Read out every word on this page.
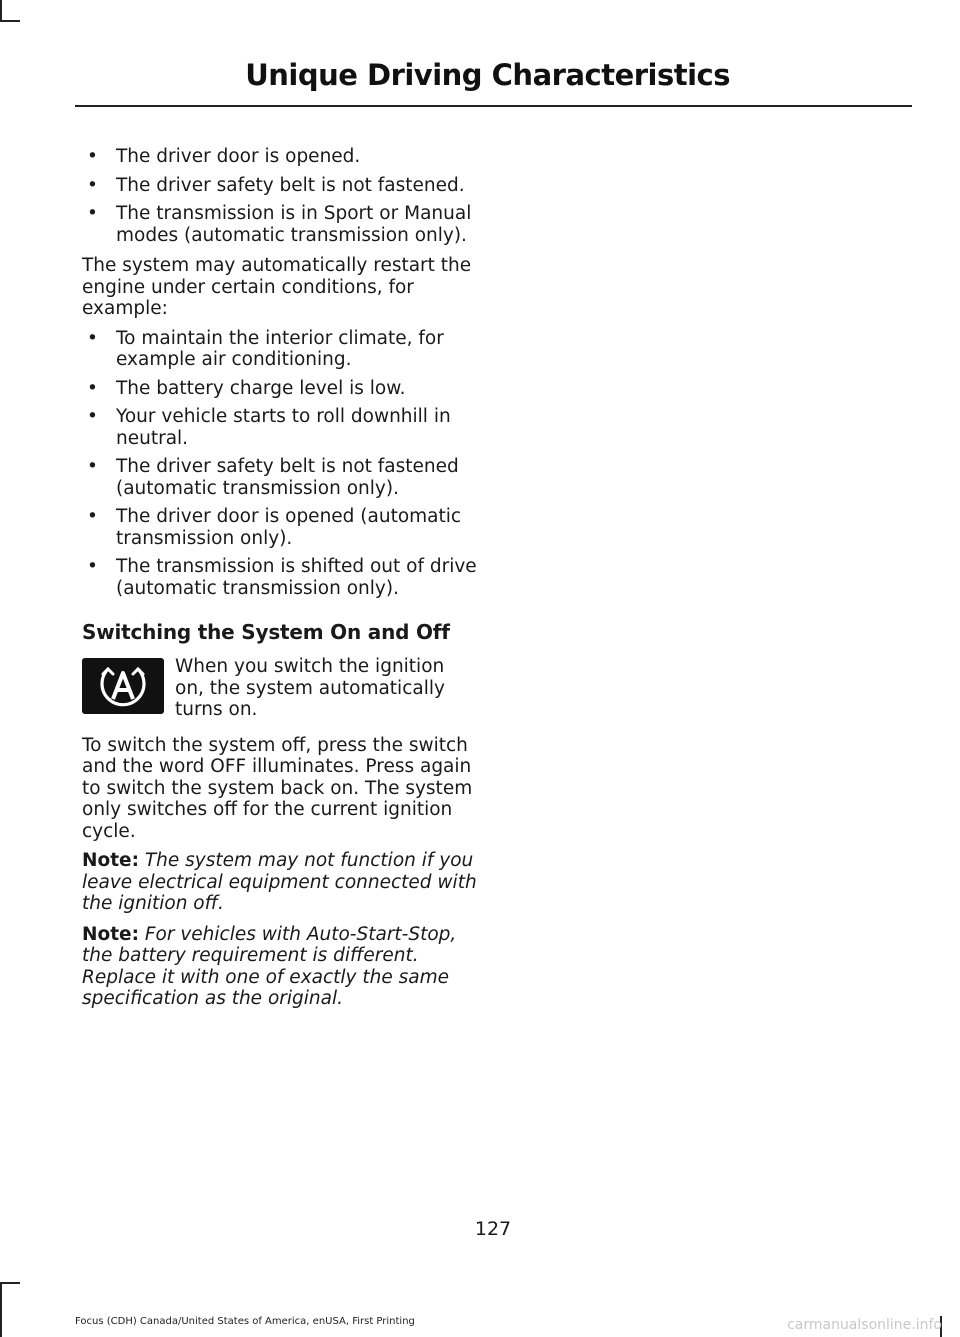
Unique Driving Characteristics
• The driver door is opened.
• The driver safety belt is not fastened.
• The transmission is in Sport or Manual modes (automatic transmission only).

The system may automatically restart the engine under certain conditions, for example:

• To maintain the interior climate, for example air conditioning.
• The battery charge level is low.
• Your vehicle starts to roll downhill in neutral.
• The driver safety belt is not fastened (automatic transmission only).
• The driver door is opened (automatic transmission only).
• The transmission is shifted out of drive (automatic transmission only).
Switching the System On and Off
When you switch the ignition on, the system automatically turns on.

To switch the system off, press the switch and the word OFF illuminates. Press again to switch the system back on. The system only switches off for the current ignition cycle.

Note: The system may not function if you leave electrical equipment connected with the ignition off.
Note: For vehicles with Auto-Start-Stop, the battery requirement is different. Replace it with one of exactly the same specification as the original.
127
Focus (CDH) Canada/United States of America, enUSA, First Printing	carmanualsonline.info
